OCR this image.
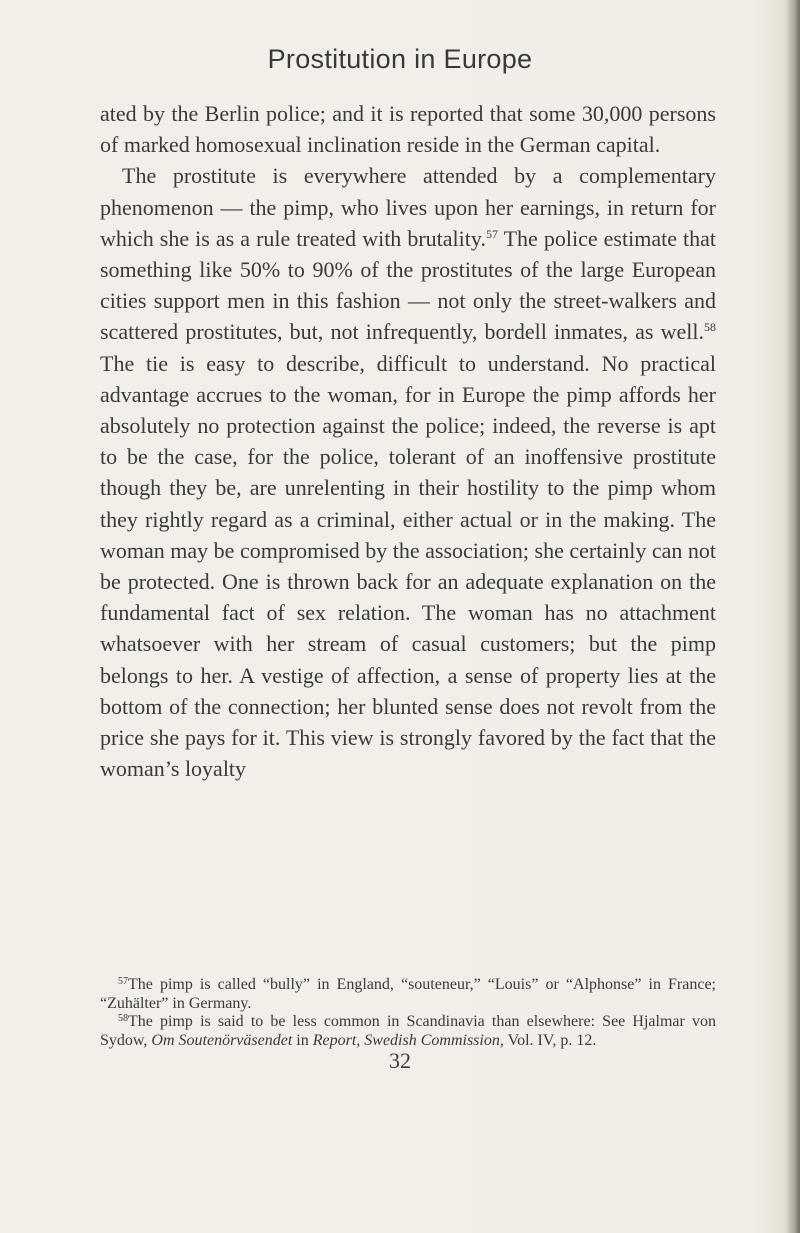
Prostitution in Europe

ated by the Berlin police; and it is reported that some 30,000 persons of marked homosexual inclination reside in the German capital.

The prostitute is everywhere attended by a complementary phenomenon — the pimp, who lives upon her earnings, in return for which she is as a rule treated with brutality.$^{57}$ The police estimate that something like 50% to 90% of the prostitutes of the large European cities support men in this fashion — not only the street-walkers and scattered prostitutes, but, not infrequently, bordell inmates, as well.$^{58}$ The tie is easy to describe, difficult to understand. No practical advantage accrues to the woman, for in Europe the pimp affords her absolutely no protection against the police; indeed, the reverse is apt to be the case, for the police, tolerant of an inoffensive prostitute though they be, are unrelenting in their hostility to the pimp whom they rightly regard as a criminal, either actual or in the making. The woman may be compromised by the association; she certainly can not be protected. One is thrown back for an adequate explanation on the fundamental fact of sex relation. The woman has no attachment whatsoever with her stream of casual customers; but the pimp belongs to her. A vestige of affection, a sense of property lies at the bottom of the connection; her blunted sense does not revolt from the price she pays for it. This view is strongly favored by the fact that the woman’s loyalty

$^{57}$The pimp is called “bully” in England, “souteneur,” “Louis” or “Alphonse” in France; “Zuhälter” in Germany.

$^{58}$The pimp is said to be less common in Scandinavia than elsewhere: See Hjalmar von Sydow, Om Soutenörväsendet in Report, Swedish Commission, Vol. IV, p. 12.

32
